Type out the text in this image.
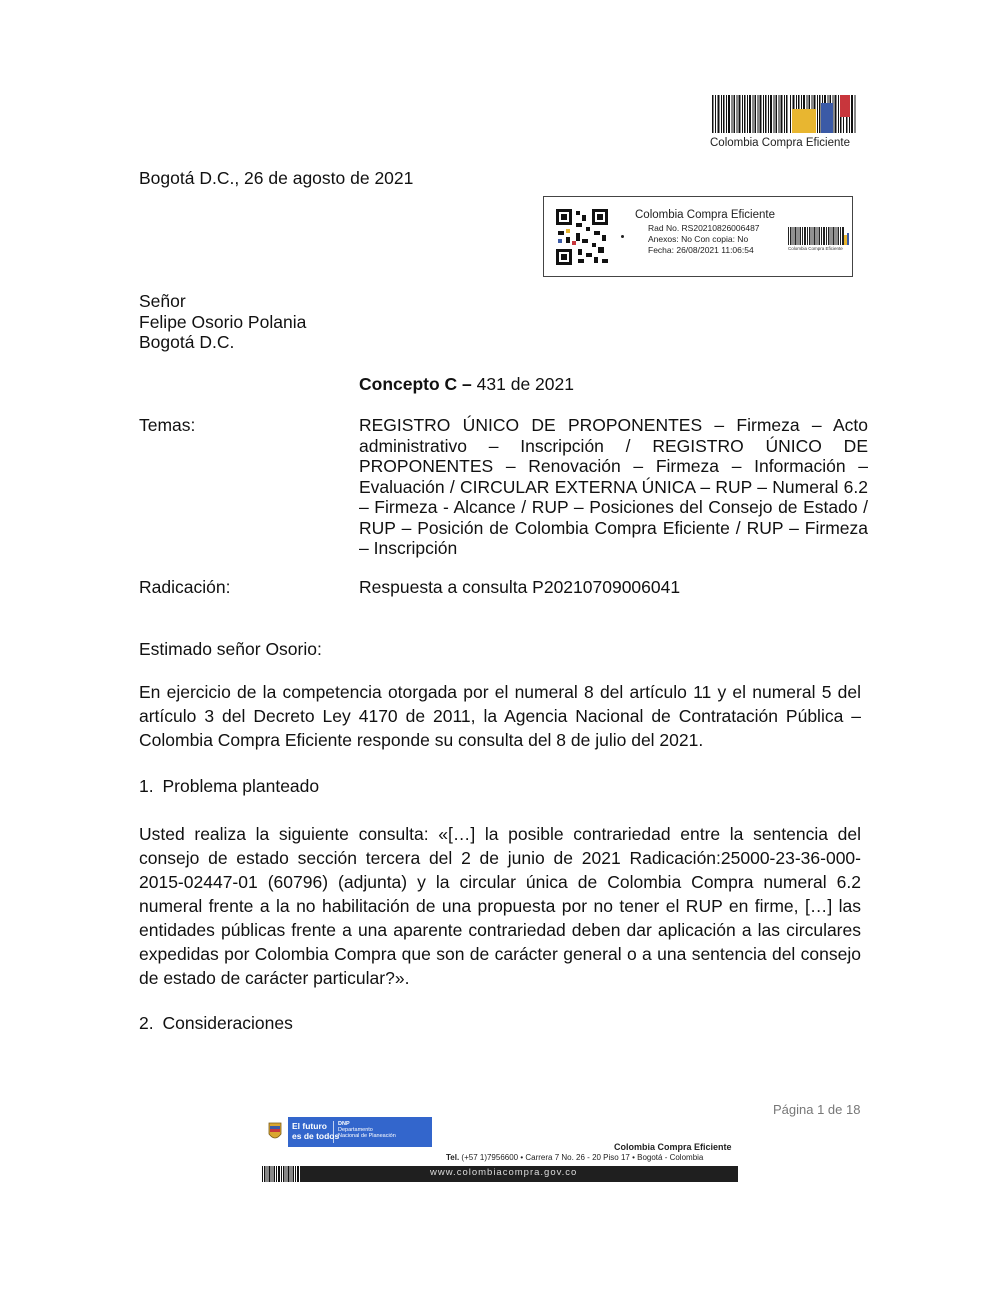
Colombia Compra Eficiente
Bogotá D.C., 26 de agosto de 2021
Colombia Compra Eficiente
Rad No. RS20210826006487
Anexos: No Con copia: No
Fecha: 26/08/2021 11:06:54	Colombia Compra Eficiente
Señor
Felipe Osorio Polania
Bogotá D.C.
Concepto C – 431 de 2021
Temas:	REGISTRO ÚNICO DE PROPONENTES – Firmeza – Acto administrativo – Inscripción / REGISTRO ÚNICO DE PROPONENTES – Renovación – Firmeza – Información – Evaluación / CIRCULAR EXTERNA ÚNICA – RUP – Numeral 6.2 – Firmeza - Alcance / RUP – Posiciones del Consejo de Estado / RUP – Posición de Colombia Compra Eficiente / RUP – Firmeza – Inscripción
Radicación:	Respuesta a consulta P20210709006041
Estimado señor Osorio:
En ejercicio de la competencia otorgada por el numeral 8 del artículo 11 y el numeral 5 del artículo 3 del Decreto Ley 4170 de 2011, la Agencia Nacional de Contratación Pública – Colombia Compra Eficiente responde su consulta del 8 de julio del 2021.
1. Problema planteado
Usted realiza la siguiente consulta: «[…] la posible contrariedad entre la sentencia del consejo de estado sección tercera del 2 de junio de 2021 Radicación:25000-23-36-000-2015-02447-01 (60796) (adjunta) y la circular única de Colombia Compra numeral 6.2 numeral frente a la no habilitación de una propuesta por no tener el RUP en firme, […] las entidades públicas frente a una aparente contrariedad deben dar aplicación a las circulares expedidas por Colombia Compra que son de carácter general o a una sentencia del consejo de estado de carácter particular?».
2. Consideraciones
Página 1 de 18
El futuro
es de todos
DNP
Departamento
Nacional de Planeación
Colombia Compra Eficiente
Tel. (+57 1)7956600 • Carrera 7 No. 26 - 20 Piso 17 • Bogotá - Colombia
www.colombiacompra.gov.co
